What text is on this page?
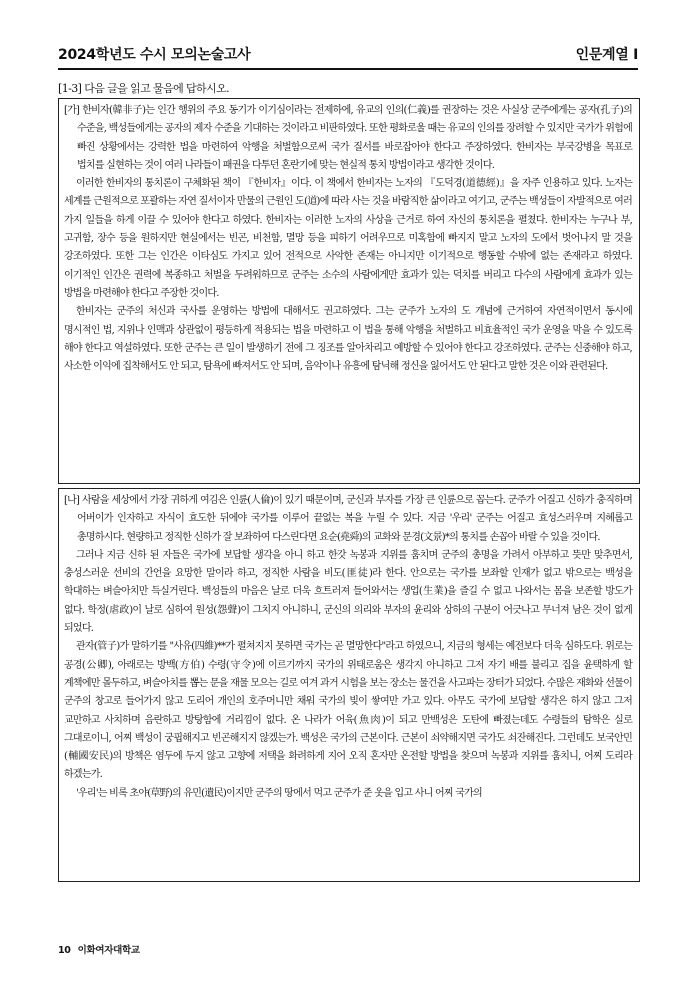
2024학년도 수시 모의논술고사	인문계열 I
[1-3] 다음 글을 읽고 물음에 답하시오.

[가] 한비자(韓非子)는 인간 행위의 주요 동기가 이기심이라는 전제하에, 유교의 인의(仁義)를 권장하는 것은 사실상 군주에게는 공자(孔子)의 수준을, 백성들에게는 공자의 제자 수준을 기대하는 것이라고 비판하였다. 또한 평화로울 때는 유교의 인의를 장려할 수 있지만 국가가 위험에 빠진 상황에서는 강력한 법을 마련하여 악행을 처벌함으로써 국가 질서를 바로잡아야 한다고 주장하였다. 한비자는 부국강병을 목표로 법치를 실현하는 것이 여러 나라들이 패권을 다투던 혼란기에 맞는 현실적 통치 방법이라고 생각한 것이다.

이러한 한비자의 통치론이 구체화된 책이 『한비자』이다. 이 책에서 한비자는 노자의 『도덕경(道德經)』을 자주 인용하고 있다. 노자는 세계를 근원적으로 포괄하는 자연 질서이자 만물의 근원인 도(道)에 따라 사는 것을 바람직한 삶이라고 여기고, 군주는 백성들이 자발적으로 여러 가지 일들을 하게 이끌 수 있어야 한다고 하였다. 한비자는 이러한 노자의 사상을 근거로 하여 자신의 통치론을 펼쳤다. 한비자는 누구나 부, 고귀함, 장수 등을 원하지만 현실에서는 빈곤, 비천함, 멸망 등을 피하기 어려우므로 미혹함에 빠지지 말고 노자의 도에서 벗어나지 말 것을 강조하였다. 또한 그는 인간은 이타심도 가지고 있어 전적으로 사악한 존재는 아니지만 이기적으로 행동할 수밖에 없는 존재라고 하였다. 이기적인 인간은 권력에 복종하고 처벌을 두려워하므로 군주는 소수의 사람에게만 효과가 있는 덕치를 버리고 다수의 사람에게 효과가 있는 방법을 마련해야 한다고 주장한 것이다.

한비자는 군주의 처신과 국사를 운영하는 방법에 대해서도 권고하였다. 그는 군주가 노자의 도 개념에 근거하여 자연적이면서 동시에 명시적인 법, 지위나 인맥과 상관없이 평등하게 적용되는 법을 마련하고 이 법을 통해 악행을 처벌하고 비효율적인 국가 운영을 막을 수 있도록 해야 한다고 역설하였다. 또한 군주는 큰 일이 발생하기 전에 그 징조를 알아차리고 예방할 수 있어야 한다고 강조하였다. 군주는 신중해야 하고, 사소한 이익에 집착해서도 안 되고, 탐욕에 빠져서도 안 되며, 음악이나 유흥에 탐닉해 정신을 잃어서도 안 된다고 말한 것은 이와 관련된다.

[나] 사람을 세상에서 가장 귀하게 여김은 인륜(人倫)이 있기 때문이며, 군신과 부자를 가장 큰 인륜으로 꼽는다. 군주가 어질고 신하가 충직하며 어버이가 인자하고 자식이 효도한 뒤에야 국가를 이루어 끝없는 복을 누릴 수 있다. 지금 '우리' 군주는 어질고 효성스러우며 지혜롭고 총명하시다. 현량하고 정직한 신하가 잘 보좌하여 다스린다면 요순(堯舜)의 교화와 문경(文景)*의 통치를 손꼽아 바랄 수 있을 것이다.

그러나 지금 신하 된 자들은 국가에 보답할 생각을 아니 하고 한갓 녹봉과 지위를 훔치며 군주의 총명을 가려서 아부하고 뜻만 맞추면서, 충성스러운 선비의 간언을 요망한 말이라 하고, 정직한 사람을 비도(匪徒)라 한다. 안으로는 국가를 보좌할 인재가 없고 밖으로는 백성을 학대하는 벼슬아치만 득실거린다. 백성들의 마음은 날로 더욱 흐트러져 들어와서는 생업(生業)을 즐길 수 없고 나와서는 몸을 보존할 방도가 없다. 학정(虐政)이 날로 심하여 원성(怨聲)이 그치지 아니하니, 군신의 의리와 부자의 윤리와 상하의 구분이 어긋나고 무너져 남은 것이 없게 되었다.

관자(管子)가 말하기를 "사유(四維)**가 펼쳐지지 못하면 국가는 곧 멸망한다"라고 하였으니, 지금의 형세는 예전보다 더욱 심하도다. 위로는 공경(公卿), 아래로는 방백(方伯) 수령(守令)에 이르기까지 국가의 위태로움은 생각지 아니하고 그저 자기 배를 불리고 집을 윤택하게 할 계책에만 몰두하고, 벼슬아치를 뽑는 문을 재물 모으는 길로 여겨 과거 시험을 보는 장소는 물건을 사고파는 장터가 되었다. 수많은 재화와 선물이 군주의 창고로 들어가지 않고 도리어 개인의 호주머니만 채워 국가의 빚이 쌓여만 가고 있다. 아무도 국가에 보답할 생각은 하지 않고 그저 교만하고 사치하며 음란하고 방탕함에 거리낌이 없다. 온 나라가 어육(魚肉)이 되고 만백성은 도탄에 빠졌는데도 수령들의 탐학은 실로 그대로이니, 어찌 백성이 궁핍해지고 빈곤해지지 않겠는가. 백성은 국가의 근본이다. 근본이 쇠약해지면 국가도 쇠잔해진다. 그런데도 보국안민(輔國安民)의 방책은 염두에 두지 않고 고향에 저택을 화려하게 지어 오직 혼자만 온전할 방법을 찾으며 녹봉과 지위를 훔치니, 어찌 도리라 하겠는가.

'우리'는 비록 초야(草野)의 유민(遺民)이지만 군주의 땅에서 먹고 군주가 준 옷을 입고 사니 어찌 국가의

10 이화여자대학교
